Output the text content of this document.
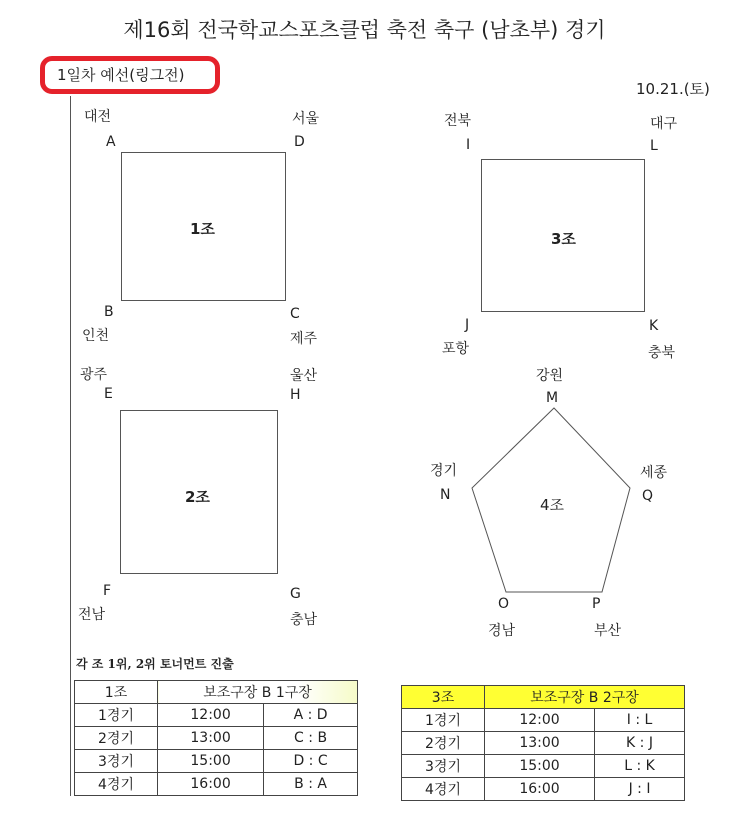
제16회 전국학교스포츠클럽 축전 축구 (남초부) 경기
1일차 예선(링그전)
10.21.(토)
대전
A
서울
D
1조
B
인천
C
제주
광주
E
울산
H
2조
F
전남
G
충남
전북
I
대구
L
3조
J
포항
K
충북
강원
M
경기
N
세종
Q
4조
O
경남
P
부산
각 조 1위, 2위 토너먼트 진출
1조	보조구장 B 1구장	
1경기	12:00	A : D
2경기	13:00	C : B
3경기	15:00	D : C
4경기	16:00	B : A
3조	보조구장 B 2구장	
1경기	12:00	I : L
2경기	13:00	K : J
3경기	15:00	L : K
4경기	16:00	J : I
